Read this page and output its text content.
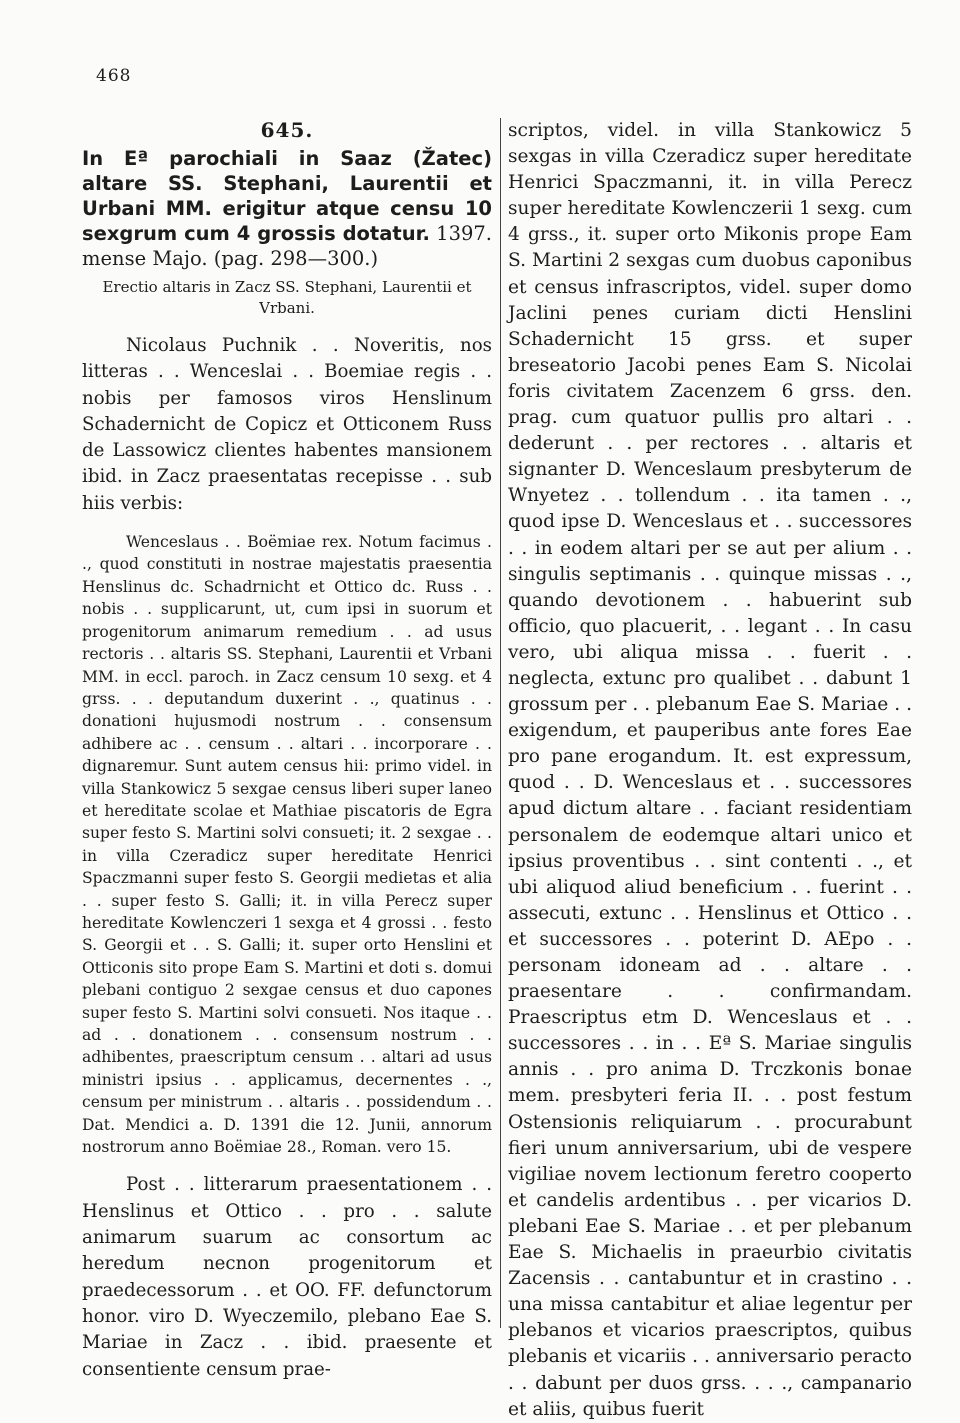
468
645.

In Eª parochiali in Saaz (Žatec) altare SS. Stephani, Laurentii et Urbani MM. erigitur atque censu 10 sexgrum cum 4 grossis dotatur. 1397. mense Majo. (pag. 298—300.)

Erectio altaris in Zacz SS. Stephani, Laurentii et Vrbani.

Nicolaus Puchnik . . Noveritis, nos litteras . . Wenceslai . . Boemiae regis . . nobis per famosos viros Henslinum Schadernicht de Copicz et Otticonem Russ de Lassowicz clientes habentes mansionem ibid. in Zacz praesentatas recepisse . . sub hiis verbis:

Wenceslaus . . Boëmiae rex. Notum facimus . ., quod constituti in nostrae majestatis praesentia Henslinus dc. Schadrnicht et Ottico dc. Russ . . nobis . . supplicarunt, ut, cum ipsi in suorum et progenitorum animarum remedium . . ad usus rectoris . . altaris SS. Stephani, Laurentii et Vrbani MM. in eccl. paroch. in Zacz censum 10 sexg. et 4 grss. . . deputandum duxerint . ., quatinus . . donationi hujusmodi nostrum . . consensum adhibere ac . . censum . . altari . . incorporare . . dignaremur. Sunt autem census hii: primo videl. in villa Stankowicz 5 sexgae census liberi super laneo et hereditate scolae et Mathiae piscatoris de Egra super festo S. Martini solvi consueti; it. 2 sexgae . . in villa Czeradicz super hereditate Henrici Spaczmanni super festo S. Georgii medietas et alia . . super festo S. Galli; it. in villa Perecz super hereditate Kowlenczeri 1 sexga et 4 grossi . . festo S. Georgii et . . S. Galli; it. super orto Henslini et Otticonis sito prope Eam S. Martini et doti s. domui plebani contiguo 2 sexgae census et duo capones super festo S. Martini solvi consueti. Nos itaque . . ad . . donationem . . consensum nostrum . . adhibentes, praescriptum censum . . altari ad usus ministri ipsius . . applicamus, decernentes . ., censum per ministrum . . altaris . . possidendum . . Dat. Mendici a. D. 1391 die 12. Junii, annorum nostrorum anno Boëmiae 28., Roman. vero 15.

Post . . litterarum praesentationem . . Henslinus et Ottico . . pro . . salute animarum suarum ac consortum ac heredum necnon progenitorum et praedecessorum . . et OO. FF. defunctorum honor. viro D. Wyeczemilo, plebano Eae S. Mariae in Zacz . . ibid. praesente et consentiente censum prae-

scriptos, videl. in villa Stankowicz 5 sexgas in villa Czeradicz super hereditate Henrici Spaczmanni, it. in villa Perecz super hereditate Kowlenczerii 1 sexg. cum 4 grss., it. super orto Mikonis prope Eam S. Martini 2 sexgas cum duobus caponibus et census infrascriptos, videl. super domo Jaclini penes curiam dicti Henslini Schadernicht 15 grss. et super breseatorio Jacobi penes Eam S. Nicolai foris civitatem Zacenzem 6 grss. den. prag. cum quatuor pullis pro altari . . dederunt . . per rectores . . altaris et signanter D. Wenceslaum presbyterum de Wnyetez . . tollendum . . ita tamen . ., quod ipse D. Wenceslaus et . . successores . . in eodem altari per se aut per alium . . singulis septimanis . . quinque missas . ., quando devotionem . . habuerint sub officio, quo placuerit, . . legant . . In casu vero, ubi aliqua missa . . fuerit . . neglecta, extunc pro qualibet . . dabunt 1 grossum per . . plebanum Eae S. Mariae . . exigendum, et pauperibus ante fores Eae pro pane erogandum. It. est expressum, quod . . D. Wenceslaus et . . successores apud dictum altare . . faciant residentiam personalem de eodemque altari unico et ipsius proventibus . . sint contenti . ., et ubi aliquod aliud beneficium . . fuerint . . assecuti, extunc . . Henslinus et Ottico . . et successores . . poterint D. AEpo . . personam idoneam ad . . altare . . praesentare . . confirmandam. Praescriptus etm D. Wenceslaus et . . successores . . in . . Eª S. Mariae singulis annis . . pro anima D. Trczkonis bonae mem. presbyteri feria II. . . post festum Ostensionis reliquiarum . . procurabunt fieri unum anniversarium, ubi de vespere vigiliae novem lectionum feretro cooperto et candelis ardentibus . . per vicarios D. plebani Eae S. Mariae . . et per plebanum Eae S. Michaelis in praeurbio civitatis Zacensis . . cantabuntur et in crastino . . una missa cantabitur et aliae legentur per plebanos et vicarios praescriptos, quibus plebanis et vicariis . . anniversario peracto . . dabunt per duos grss. . . ., campanario et aliis, quibus fuerit
